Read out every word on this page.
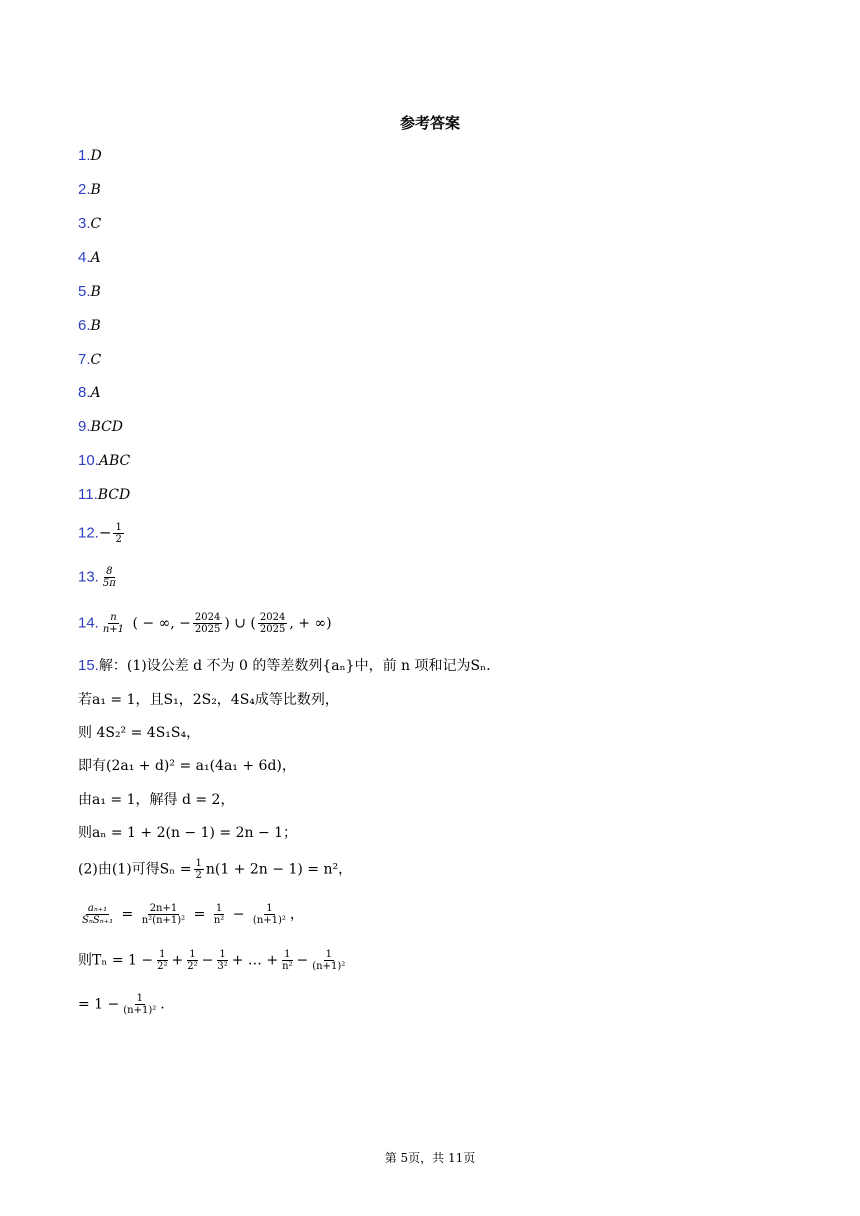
参考答案
1.D
2.B
3.C
4.A
5.B
6.B
7.C
8.A
9.BCD
10.ABC
11.BCD
$12.- \frac{1}{2}$
13. $\frac{8}{5\pi}$
14. $\frac{n}{n+1}$ ( − ∞, − $\frac{2024}{2025}$ ) ∪ ( $\frac{2024}{2025}$ , + ∞)
15.解：(1)设公差 d 不为 0 的等差数列{aₙ}中，前 n 项和记为Sₙ.
若a₁ = 1，且S₁，2S₂，4S₄成等比数列，
则 4S₂² = 4S₁S₄，
即有(2a₁ + d)² = a₁(4a₁ + 6d)，
由a₁ = 1，解得 d = 2，
则aₙ = 1 + 2(n − 1) = 2n − 1；
(2)由(1)可得$S_n = \frac{1}{2} n(1 + 2n - 1) = n^2$，
$\frac{\text{aₙ₊₁}}{\text{SₙSₙ₊₁}} = \frac{2n+1}{\text{n²(n+1)²}} = \frac{1}{\text{n²}} - \frac{1}{\text{(n+1)²}}$ ，
则$T_n = 1 - \frac{1}{\text{2²}} + \frac{1}{\text{2²}} - \frac{1}{\text{3²}}$ + … + $\frac{1}{\text{n²}} - \frac{1}{\text{(n+1)²}}$
= $1 - \frac{1}{\text{(n+1)²}}$ .
第 5页，共 11页
